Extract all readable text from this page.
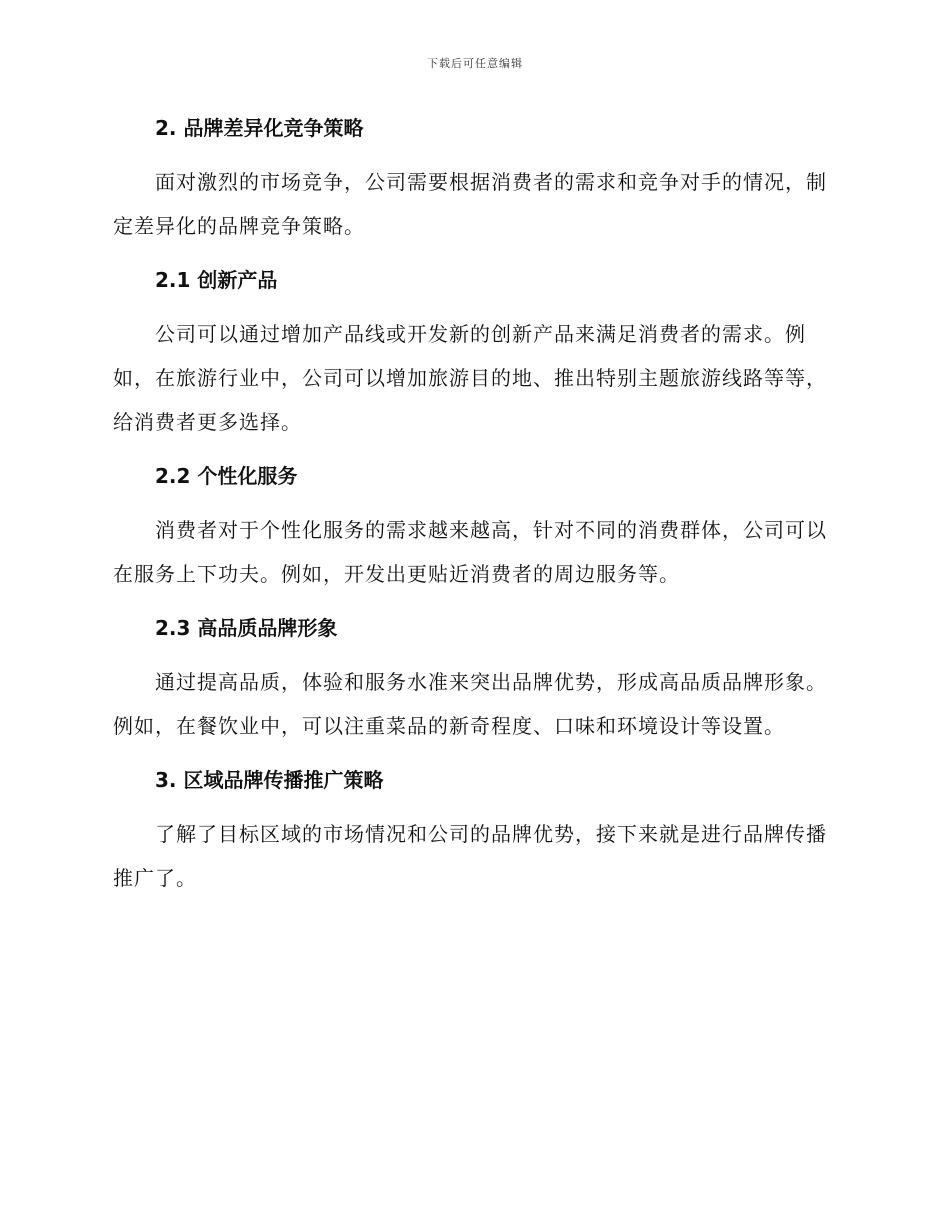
下载后可任意编辑
2. 品牌差异化竞争策略

面对激烈的市场竞争，公司需要根据消费者的需求和竞争对手的情况，制定差异化的品牌竞争策略。

2.1 创新产品

公司可以通过增加产品线或开发新的创新产品来满足消费者的需求。例如，在旅游行业中，公司可以增加旅游目的地、推出特别主题旅游线路等等，给消费者更多选择。

2.2 个性化服务

消费者对于个性化服务的需求越来越高，针对不同的消费群体，公司可以在服务上下功夫。例如，开发出更贴近消费者的周边服务等。

2.3 高品质品牌形象

通过提高品质，体验和服务水准来突出品牌优势，形成高品质品牌形象。例如，在餐饮业中，可以注重菜品的新奇程度、口味和环境设计等设置。

3. 区域品牌传播推广策略

了解了目标区域的市场情况和公司的品牌优势，接下来就是进行品牌传播推广了。
